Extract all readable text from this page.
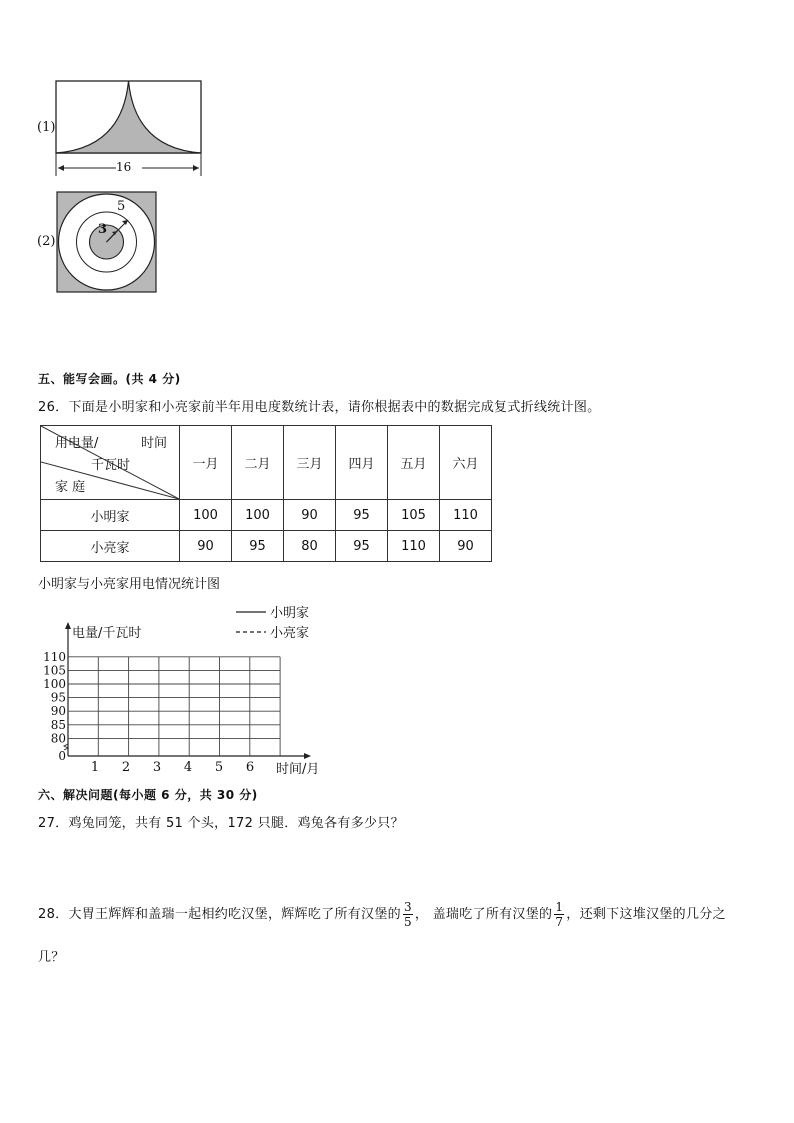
(1)
16
(2)
5
3
五、能写会画。(共 4 分)
26．下面是小明家和小亮家前半年用电度数统计表，请你根据表中的数据完成复式折线统计图。
用电量/ 时间
千瓦时
家 庭	一月	二月	三月	四月	五月	六月
小明家	100	100	90	95	105	110
小亮家	90	95	80	95	110	90
小明家与小亮家用电情况统计图
0
80
85
90
95
100
105
110
1 2 3 4 5 6
电量/千瓦时
时间/月
小明家
小亮家
六、解决问题(每小题 6 分，共 30 分)
27．鸡兔同笼，共有 51 个头，172 只腿．鸡兔各有多少只？
28．大胃王辉辉和盖瑞一起相约吃汉堡，辉辉吃了所有汉堡的 $\frac{3}{5}$ ， 盖瑞吃了所有汉堡的 $\frac{1}{7}$ ，还剩下这堆汉堡的几分之
几？
